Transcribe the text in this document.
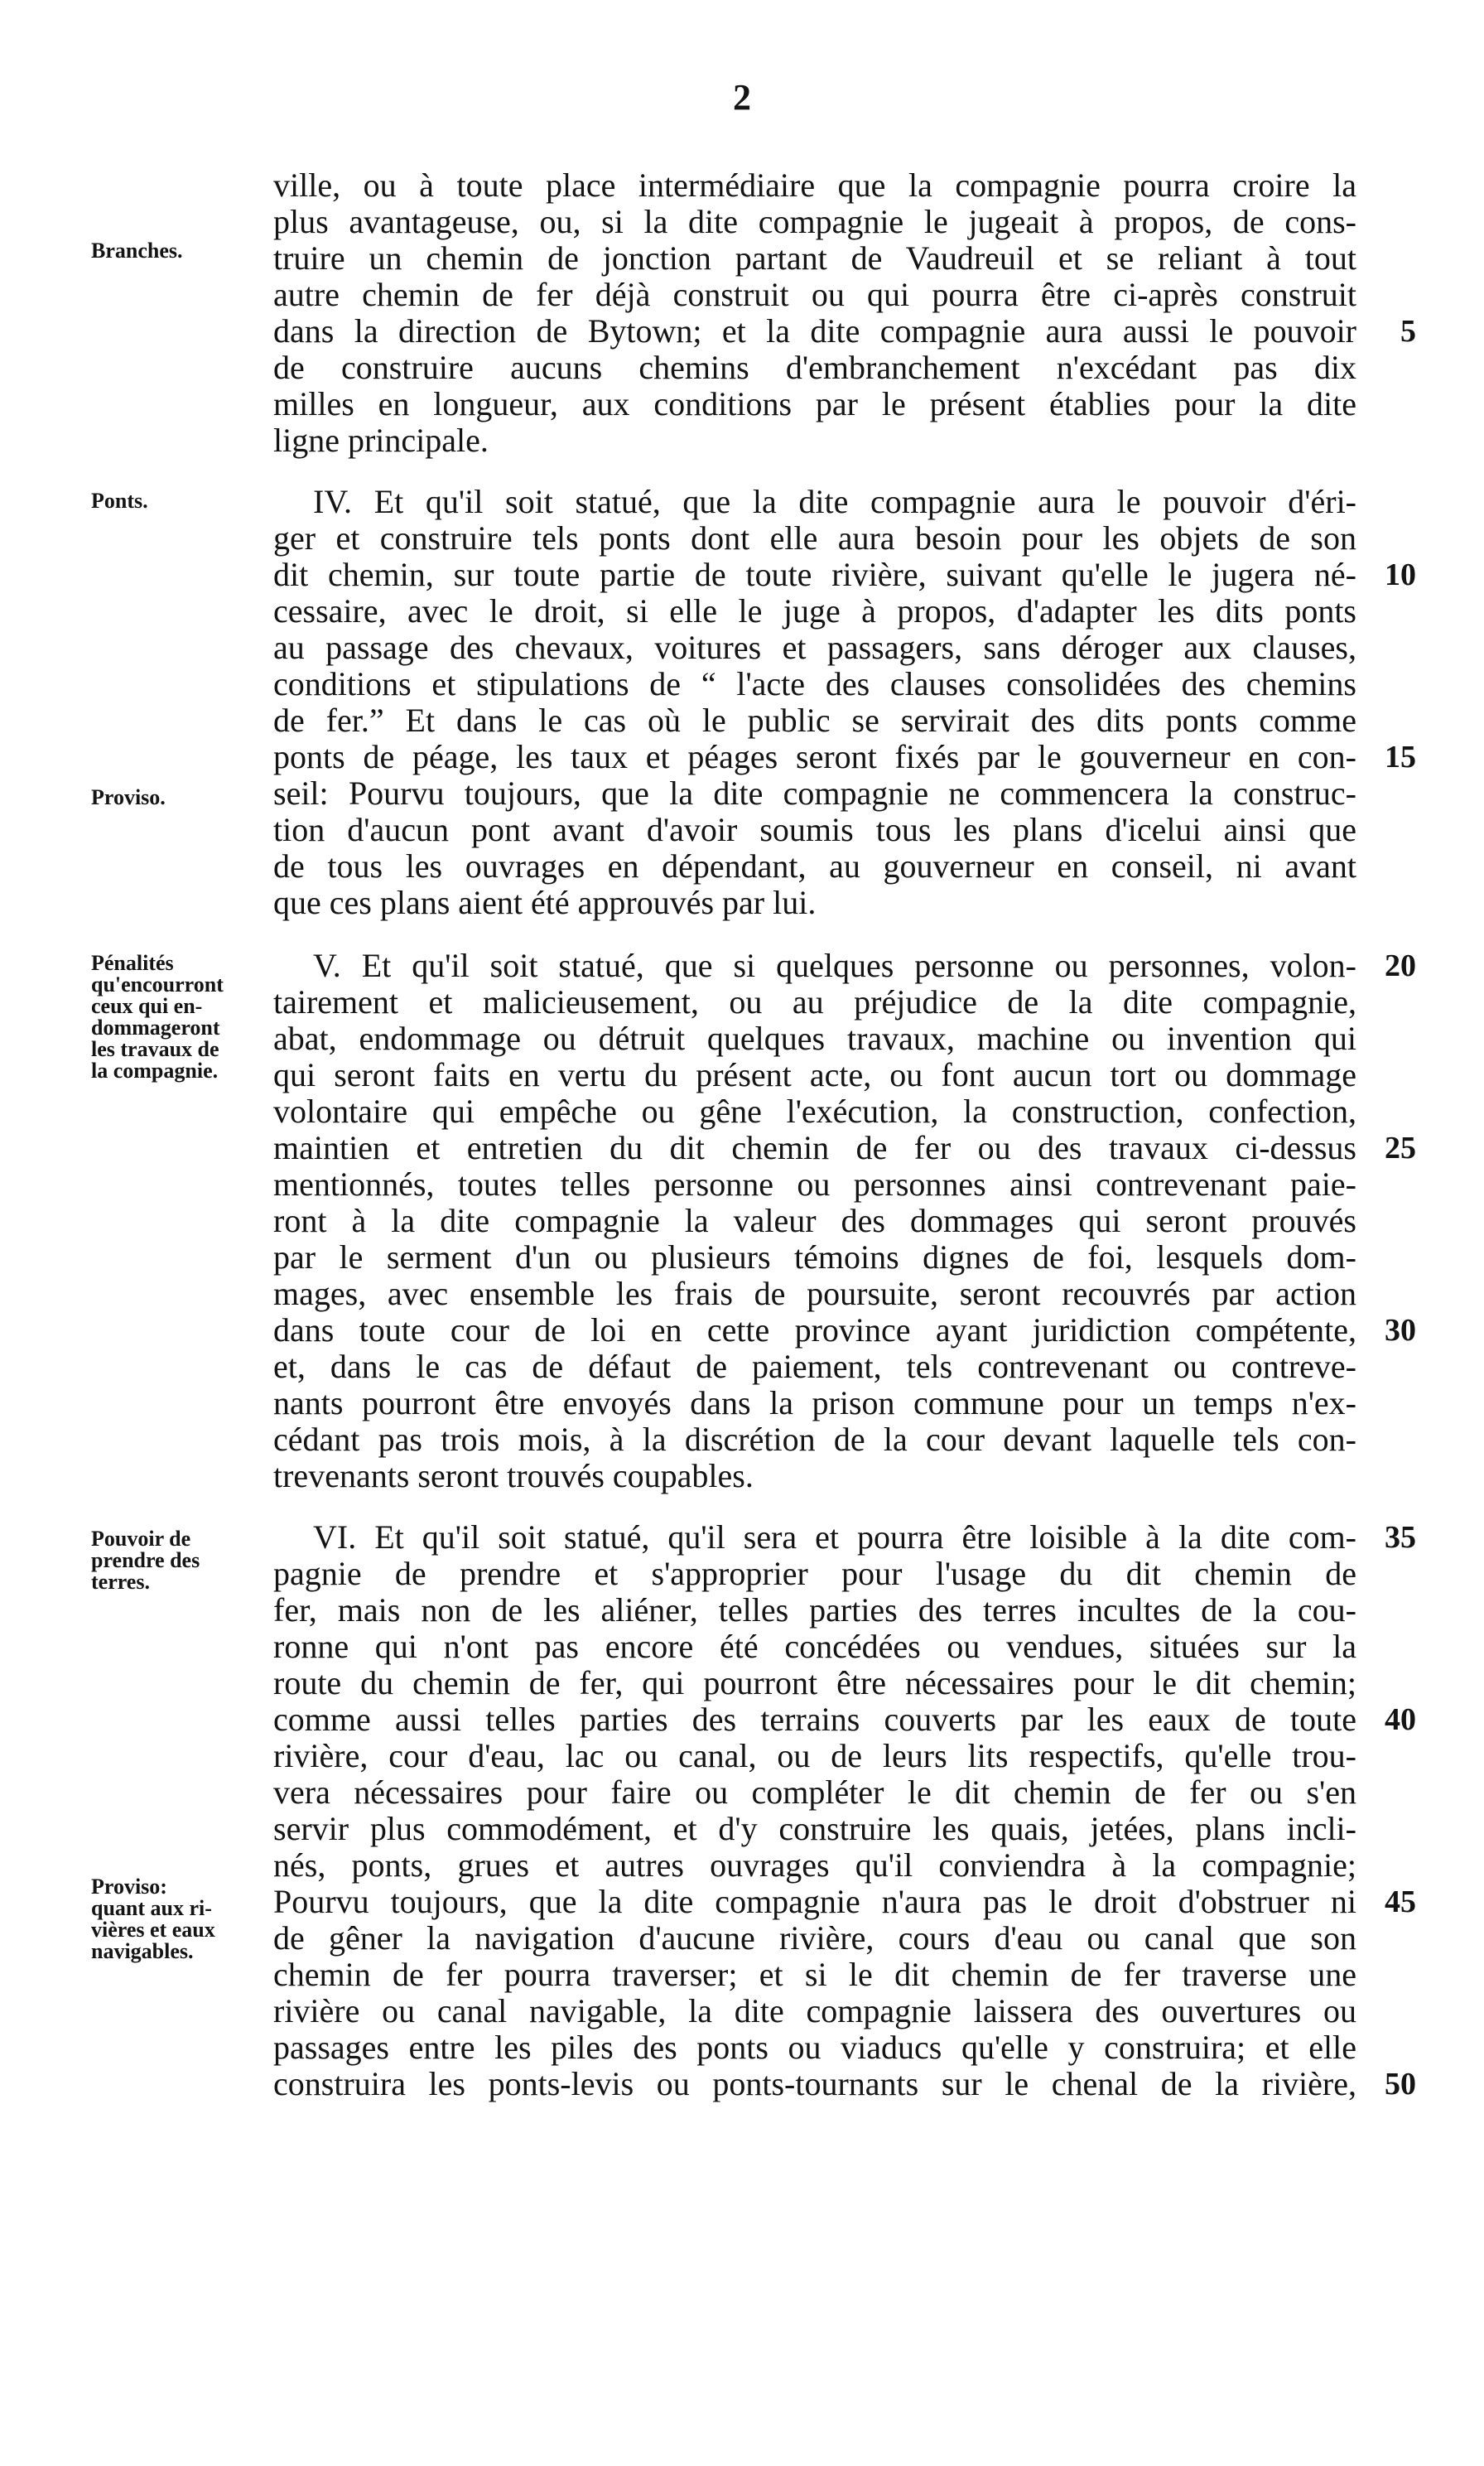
2
Branches.
Ponts.
Proviso.
Pénalités
qu'encourront
ceux qui en-
dommageront
les travaux de
la compagnie.
Pouvoir de
prendre des
terres.
Proviso:
quant aux ri-
vières et eaux
navigables.
ville, ou à toute place intermédiaire que la compagnie pourra croire la
plus avantageuse, ou, si la dite compagnie le jugeait à propos, de cons-
truire un chemin de jonction partant de Vaudreuil et se reliant à tout
autre chemin de fer déjà construit ou qui pourra être ci-après construit
dans la direction de Bytown; et la dite compagnie aura aussi le pouvoir
de construire aucuns chemins d'embranchement n'excédant pas dix
milles en longueur, aux conditions par le présent établies pour la dite
ligne principale.
IV. Et qu'il soit statué, que la dite compagnie aura le pouvoir d'éri-
ger et construire tels ponts dont elle aura besoin pour les objets de son
dit chemin, sur toute partie de toute rivière, suivant qu'elle le jugera né-
cessaire, avec le droit, si elle le juge à propos, d'adapter les dits ponts
au passage des chevaux, voitures et passagers, sans déroger aux clauses,
conditions et stipulations de “ l'acte des clauses consolidées des chemins
de fer.” Et dans le cas où le public se servirait des dits ponts comme
ponts de péage, les taux et péages seront fixés par le gouverneur en con-
seil: Pourvu toujours, que la dite compagnie ne commencera la construc-
tion d'aucun pont avant d'avoir soumis tous les plans d'icelui ainsi que
de tous les ouvrages en dépendant, au gouverneur en conseil, ni avant
que ces plans aient été approuvés par lui.
V. Et qu'il soit statué, que si quelques personne ou personnes, volon-
tairement et malicieusement, ou au préjudice de la dite compagnie,
abat, endommage ou détruit quelques travaux, machine ou invention qui
qui seront faits en vertu du présent acte, ou font aucun tort ou dommage
volontaire qui empêche ou gêne l'exécution, la construction, confection,
maintien et entretien du dit chemin de fer ou des travaux ci-dessus
mentionnés, toutes telles personne ou personnes ainsi contrevenant paie-
ront à la dite compagnie la valeur des dommages qui seront prouvés
par le serment d'un ou plusieurs témoins dignes de foi, lesquels dom-
mages, avec ensemble les frais de poursuite, seront recouvrés par action
dans toute cour de loi en cette province ayant juridiction compétente,
et, dans le cas de défaut de paiement, tels contrevenant ou contreve-
nants pourront être envoyés dans la prison commune pour un temps n'ex-
cédant pas trois mois, à la discrétion de la cour devant laquelle tels con-
trevenants seront trouvés coupables.
VI. Et qu'il soit statué, qu'il sera et pourra être loisible à la dite com-
pagnie de prendre et s'approprier pour l'usage du dit chemin de
fer, mais non de les aliéner, telles parties des terres incultes de la cou-
ronne qui n'ont pas encore été concédées ou vendues, situées sur la
route du chemin de fer, qui pourront être nécessaires pour le dit chemin;
comme aussi telles parties des terrains couverts par les eaux de toute
rivière, cour d'eau, lac ou canal, ou de leurs lits respectifs, qu'elle trou-
vera nécessaires pour faire ou compléter le dit chemin de fer ou s'en
servir plus commodément, et d'y construire les quais, jetées, plans incli-
nés, ponts, grues et autres ouvrages qu'il conviendra à la compagnie;
Pourvu toujours, que la dite compagnie n'aura pas le droit d'obstruer ni
de gêner la navigation d'aucune rivière, cours d'eau ou canal que son
chemin de fer pourra traverser; et si le dit chemin de fer traverse une
rivière ou canal navigable, la dite compagnie laissera des ouvertures ou
passages entre les piles des ponts ou viaducs qu'elle y construira; et elle
construira les ponts-levis ou ponts-tournants sur le chenal de la rivière,
5
10
15
20
25
30
35
40
45
50
